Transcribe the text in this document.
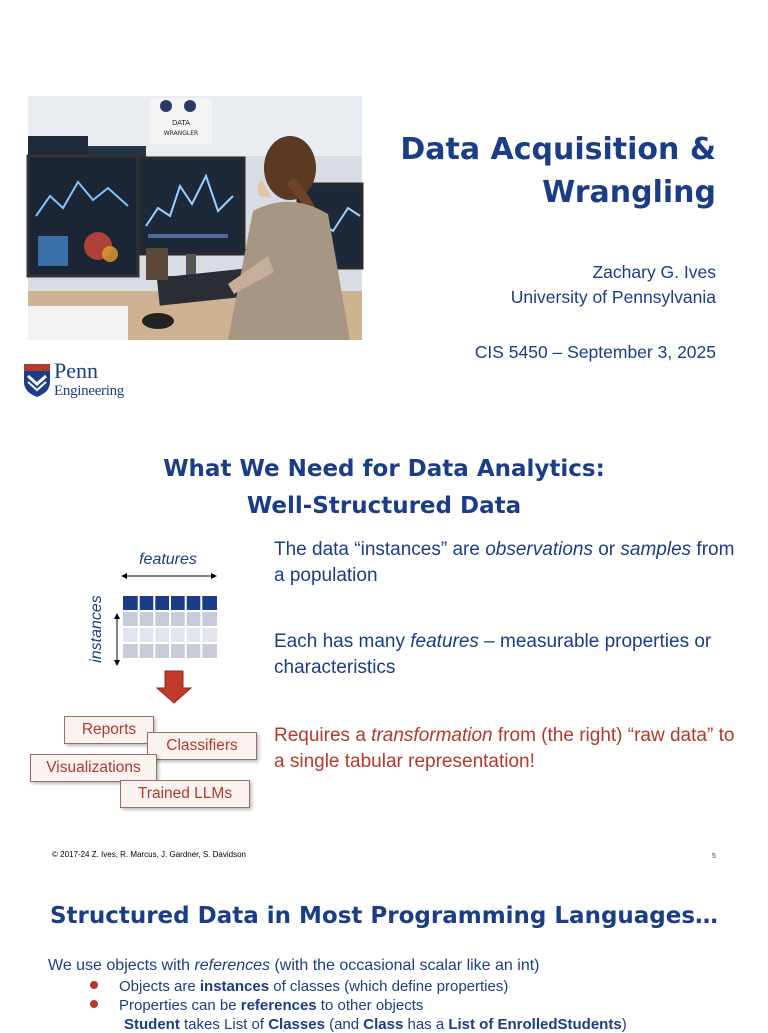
DATA
WRANGLER	Data Acquisition &
Wrangling
Zachary G. Ives
University of Pennsylvania
CIS 5450 – September 3, 2025
Penn
Engineering
What We Need for Data Analytics:
Well-Structured Data
features
instances
Reports
Classifiers
Visualizations
Trained LLMs
The data “instances” are observations or samples from a population
Each has many features – measurable properties or characteristics
Requires a transformation from (the right) “raw data” to a single tabular representation!
© 2017-24 Z. Ives, R. Marcus, J. Gardner, S. Davidson	5
Structured Data in Most Programming Languages…
We use objects with references (with the occasional scalar like an int)
Objects are instances of classes (which define properties)
Properties can be references to other objects
Student takes List of Classes (and Class has a List of EnrolledStudents)
